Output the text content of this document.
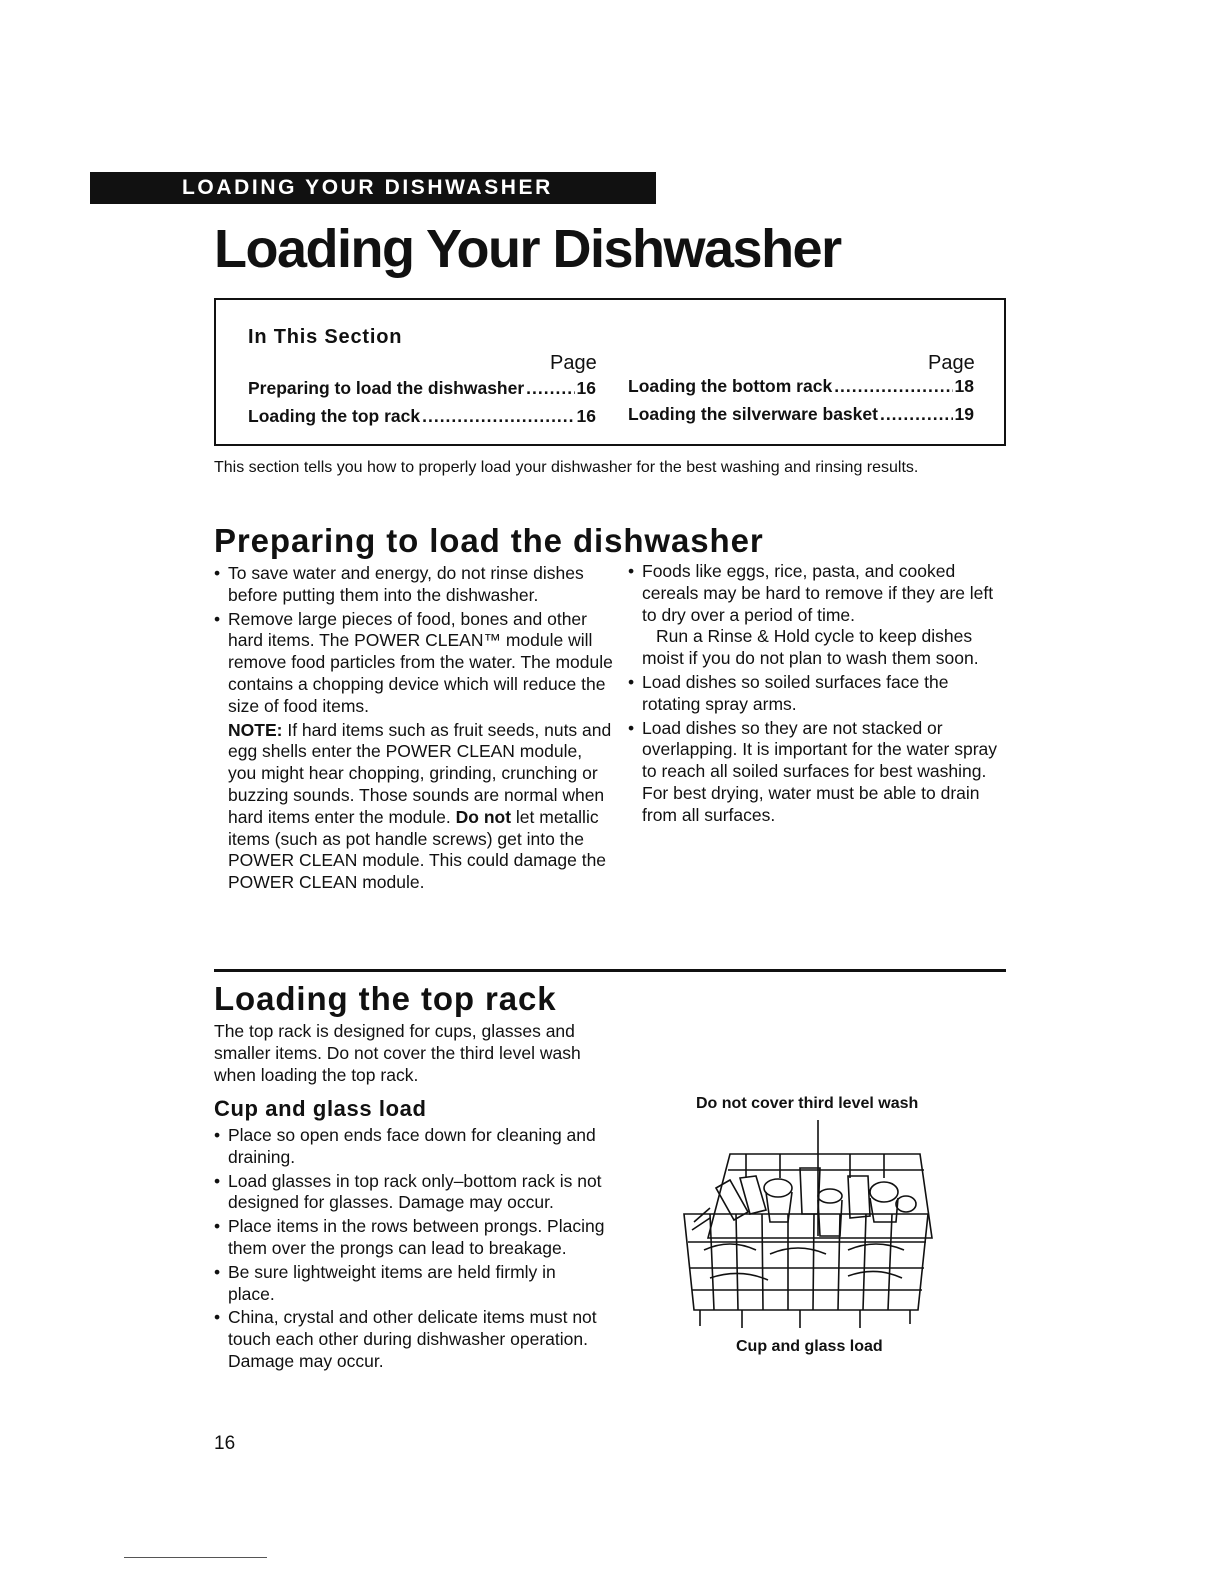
LOADING YOUR DISHWASHER
Loading Your Dishwasher
In This Section
Page	Page
Preparing to load the dishwasher .....	16
Loading the top rack .....	16
Loading the bottom rack .....	18
Loading the silverware basket .....	19

This section tells you how to properly load your dishwasher for the best washing and rinsing results.

Preparing to load the dishwasher
• To save water and energy, do not rinse dishes before putting them into the dishwasher.
• Remove large pieces of food, bones and other hard items. The POWER CLEAN™ module will remove food particles from the water. The module contains a chopping device which will reduce the size of food items.

NOTE: If hard items such as fruit seeds, nuts and egg shells enter the POWER CLEAN module, you might hear chopping, grinding, crunching or buzzing sounds. Those sounds are normal when hard items enter the module. Do not let metallic items (such as pot handle screws) get into the POWER CLEAN module. This could damage the POWER CLEAN module.

• Foods like eggs, rice, pasta, and cooked cereals may be hard to remove if they are left to dry over a period of time.
Run a Rinse & Hold cycle to keep dishes moist if you do not plan to wash them soon.
• Load dishes so soiled surfaces face the rotating spray arms.
• Load dishes so they are not stacked or overlapping. It is important for the water spray to reach all soiled surfaces for best washing. For best drying, water must be able to drain from all surfaces.
Loading the top rack
The top rack is designed for cups, glasses and smaller items. Do not cover the third level wash when loading the top rack.
Cup and glass load
• Place so open ends face down for cleaning and draining.
• Load glasses in top rack only–bottom rack is not designed for glasses. Damage may occur.
• Place items in the rows between prongs. Placing them over the prongs can lead to breakage.
• Be sure lightweight items are held firmly in place.
• China, crystal and other delicate items must not touch each other during dishwasher operation. Damage may occur.
Do not cover third level wash
Cup and glass load
16
